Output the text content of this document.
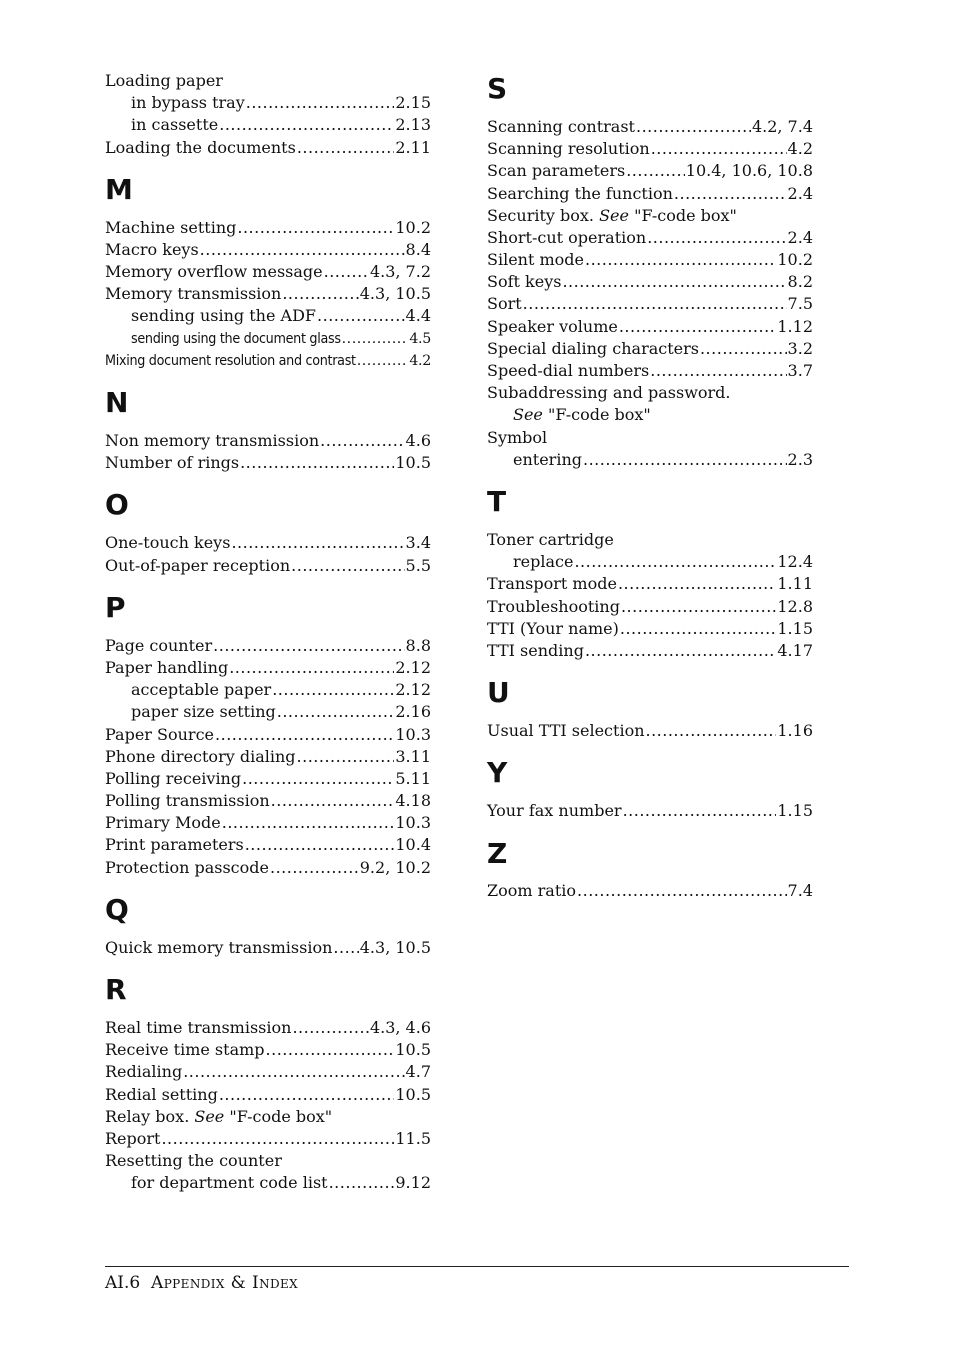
Loading paper
in bypass tray .....	2.15
in cassette .....	2.13
Loading the documents .....	2.11
M
Machine setting .....	10.2
Macro keys .....	8.4
Memory overflow message .....	4.3, 7.2
Memory transmission .....	4.3, 10.5
sending using the ADF .....	4.4
sending using the document glass .....	4.5
Mixing document resolution and contrast .....	4.2
N
Non memory transmission .....	4.6
Number of rings .....	10.5
O
One-touch keys .....	3.4
Out-of-paper reception .....	5.5
P
Page counter .....	8.8
Paper handling .....	2.12
acceptable paper .....	2.12
paper size setting .....	2.16
Paper Source .....	10.3
Phone directory dialing .....	3.11
Polling receiving .....	5.11
Polling transmission .....	4.18
Primary Mode .....	10.3
Print parameters .....	10.4
Protection passcode .....	9.2, 10.2
Q
Quick memory transmission ..... 4.3, 10.5
R
Real time transmission .....	4.3, 4.6
Receive time stamp .....	10.5
Redialing .....	4.7
Redial setting .....	10.5
Relay box. See "F-code box"
Report .....	11.5
Resetting the counter
for department code list .....	9.12
S
Scanning contrast .....	4.2, 7.4
Scanning resolution .....	4.2
Scan parameters .....	10.4, 10.6, 10.8
Searching the function .....	2.4
Security box. See "F-code box"
Short-cut operation .....	2.4
Silent mode .....	10.2
Soft keys .....	8.2
Sort .....	7.5
Speaker volume .....	1.12
Special dialing characters .....	3.2
Speed-dial numbers .....	3.7
Subaddressing and password.
See "F-code box"
Symbol
entering .....	2.3
T
Toner cartridge
replace .....	12.4
Transport mode .....	1.11
Troubleshooting .....	12.8
TTI (Your name) .....	1.15
TTI sending .....	4.17
U
Usual TTI selection .....	1.16
Y
Your fax number .....	1.15
Z
Zoom ratio .....	7.4
AI.6 Appendix & Index
